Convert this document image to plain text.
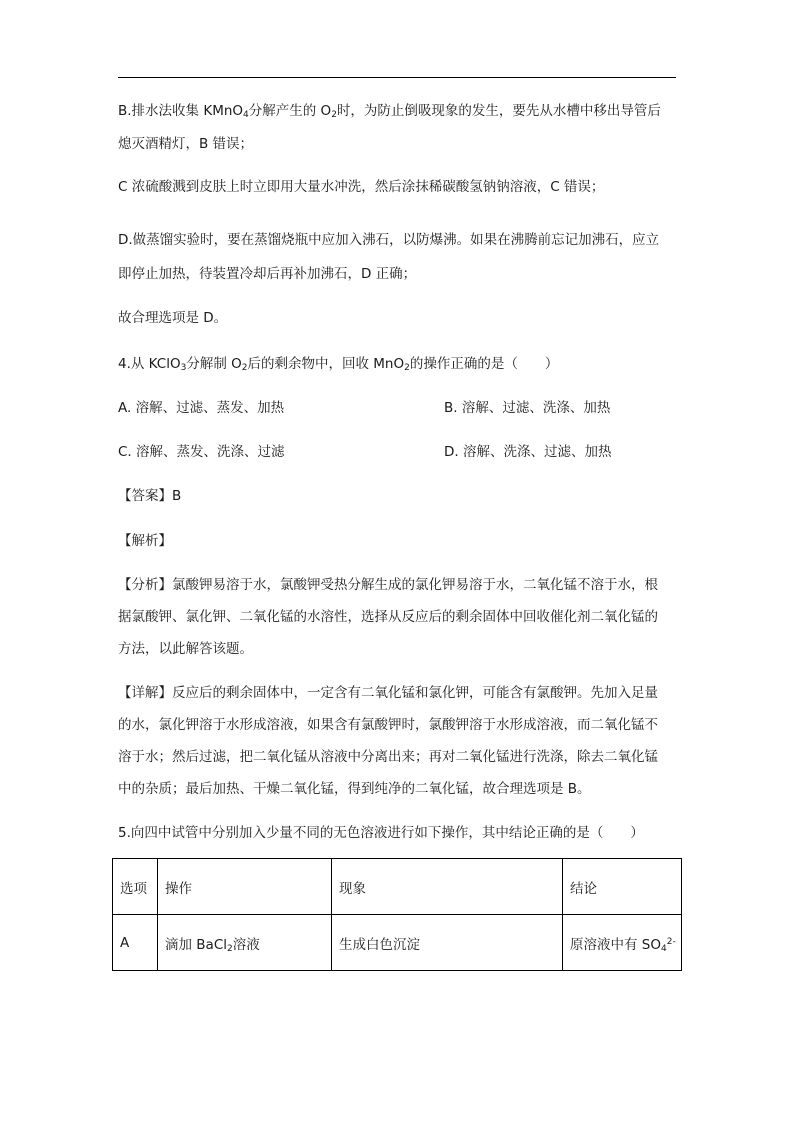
B.排水法收集 KMnO$_4$分解产生的 $O_2$时，为防止倒吸现象的发生，要先从水槽中移出导管后
熄灭酒精灯，B 错误；
C 浓硫酸溅到皮肤上时立即用大量水冲洗，然后涂抹稀碳酸氢钠钠溶液，C 错误；
D.做蒸馏实验时，要在蒸馏烧瓶中应加入沸石，以防爆沸。如果在沸腾前忘记加沸石，应立
即停止加热，待装置冷却后再补加沸石，D 正确；
故合理选项是 D。
4.从 KClO$_3$分解制 $O_2$后的剩余物中，回收 MnO$_2$的操作正确的是（　　）
A. 溶解、过滤、蒸发、加热	B. 溶解、过滤、洗涤、加热
C. 溶解、蒸发、洗涤、过滤	D. 溶解、洗涤、过滤、加热
【答案】B
【解析】
【分析】氯酸钾易溶于水，氯酸钾受热分解生成的氯化钾易溶于水，二氧化锰不溶于水，根
据氯酸钾、氯化钾、二氧化锰的水溶性，选择从反应后的剩余固体中回收催化剂二氧化锰的
方法，以此解答该题。
【详解】反应后的剩余固体中，一定含有二氧化锰和氯化钾，可能含有氯酸钾。先加入足量
的水，氯化钾溶于水形成溶液，如果含有氯酸钾时，氯酸钾溶于水形成溶液，而二氧化锰不
溶于水；然后过滤，把二氧化锰从溶液中分离出来；再对二氧化锰进行洗涤，除去二氧化锰
中的杂质；最后加热、干燥二氧化锰，得到纯净的二氧化锰，故合理选项是 B。
5.向四中试管中分别加入少量不同的无色溶液进行如下操作，其中结论正确的是（　　）
选项	操作	现象	结论
A	滴加 BaCl$_2$溶液	生成白色沉淀	原溶液中有 $SO_4^{2-}$
